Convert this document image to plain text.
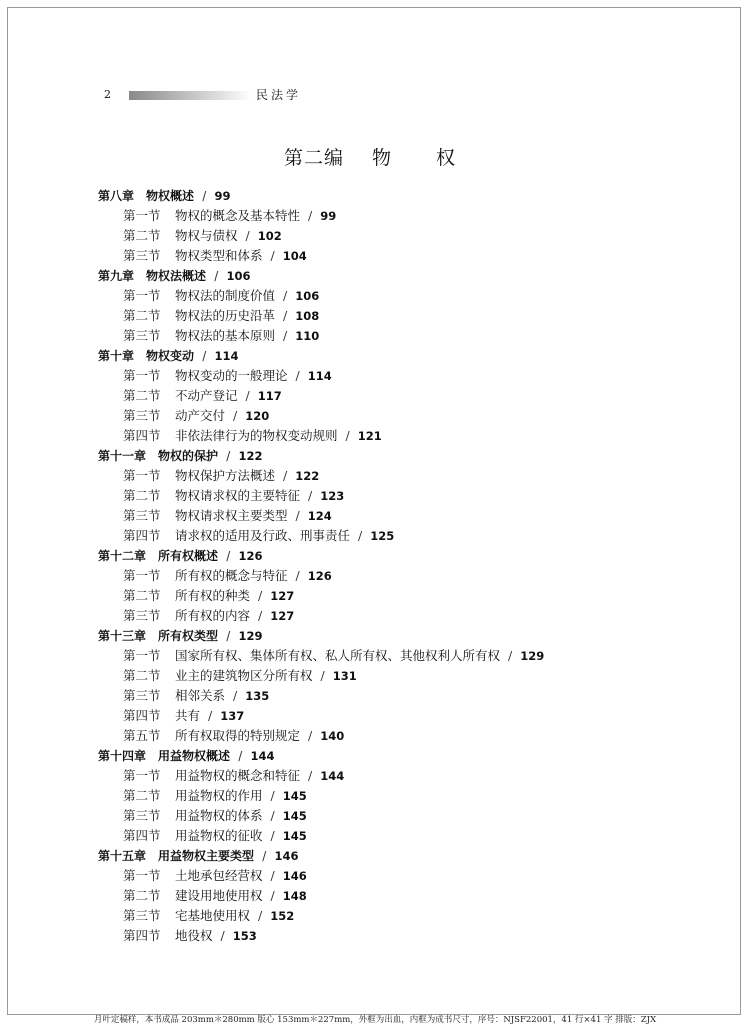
2	民法学
第二编 物 权
第八章 物权概述 / 99
第一节 物权的概念及基本特性 / 99
第二节 物权与债权 / 102
第三节 物权类型和体系 / 104
第九章 物权法概述 / 106
第一节 物权法的制度价值 / 106
第二节 物权法的历史沿革 / 108
第三节 物权法的基本原则 / 110
第十章 物权变动 / 114
第一节 物权变动的一般理论 / 114
第二节 不动产登记 / 117
第三节 动产交付 / 120
第四节 非依法律行为的物权变动规则 / 121
第十一章 物权的保护 / 122
第一节 物权保护方法概述 / 122
第二节 物权请求权的主要特征 / 123
第三节 物权请求权主要类型 / 124
第四节 请求权的适用及行政、刑事责任 / 125
第十二章 所有权概述 / 126
第一节 所有权的概念与特征 / 126
第二节 所有权的种类 / 127
第三节 所有权的内容 / 127
第十三章 所有权类型 / 129
第一节 国家所有权、集体所有权、私人所有权、其他权利人所有权 / 129
第二节 业主的建筑物区分所有权 / 131
第三节 相邻关系 / 135
第四节 共有 / 137
第五节 所有权取得的特别规定 / 140
第十四章 用益物权概述 / 144
第一节 用益物权的概念和特征 / 144
第二节 用益物权的作用 / 145
第三节 用益物权的体系 / 145
第四节 用益物权的征收 / 145
第十五章 用益物权主要类型 / 146
第一节 土地承包经营权 / 146
第二节 建设用地使用权 / 148
第三节 宅基地使用权 / 152
第四节 地役权 / 153
月叶定稿样，本书成品 203mm＊280mm 版心 153mm＊227mm，外框为出血，内框为成书尺寸，序号：NJSF22001，41 行×41 字 排版：ZJX
